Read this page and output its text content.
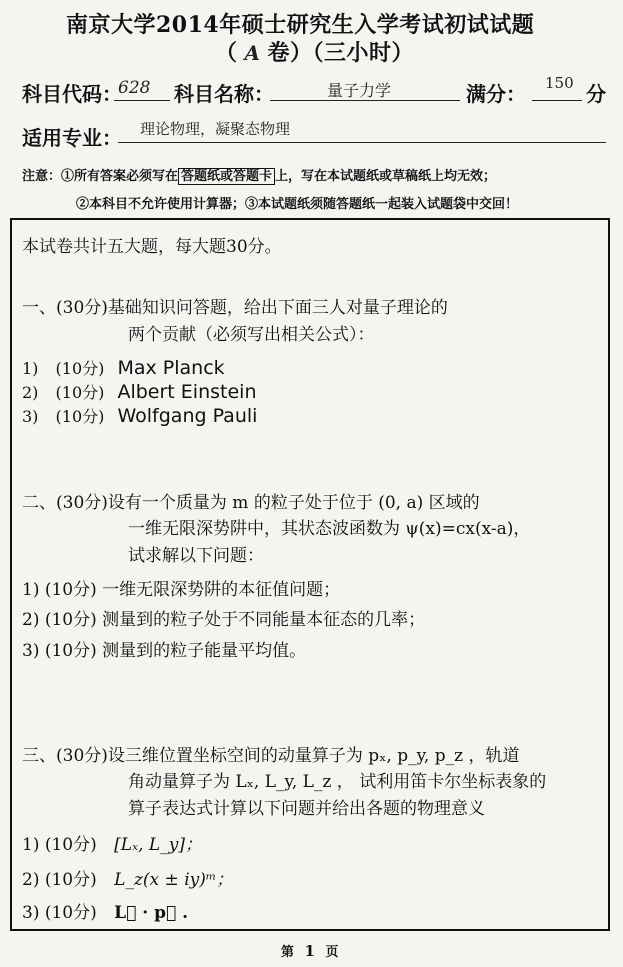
南京大学2014年硕士研究生入学考试初试试题
（ A 卷）（三小时）
科目代码：
628 科目名称：	量子力学	满分： 150 分
适用专业： 理论物理，凝聚态物理
注意：①所有答案必须写在 答题纸或答题卡 上，写在本试题纸或草稿纸上均无效；
②本科目不允许使用计算器；③本试题纸须随答题纸一起装入试题袋中交回！
本试卷共计五大题，每大题30分。
一、(30分)基础知识问答题，给出下面三人对量子理论的
两个贡献（必须写出相关公式）：
1) (10分) Max Planck
2) (10分) Albert Einstein
3) (10分) Wolfgang Pauli
二、(30分)设有一个质量为 m 的粒子处于位于 (0, a) 区域的
一维无限深势阱中，其状态波函数为 ψ(x)=cx(x-a)，
试求解以下问题：
1) (10分) 一维无限深势阱的本征值问题；
2) (10分) 测量到的粒子处于不同能量本征态的几率；
3) (10分) 测量到的粒子能量平均值。
三、(30分)设三维位置坐标空间的动量算子为 pₓ, p_y, p_z ，轨道
角动量算子为 Lₓ, L_y, L_z ， 试利用笛卡尔坐标表象的
算子表达式计算以下问题并给出各题的物理意义
1) (10分) [Lₓ, L_y]；
2) (10分) L_z(x ± iy)ᵐ；
3) (10分) L⃗ · p⃗ .
第 1 页
